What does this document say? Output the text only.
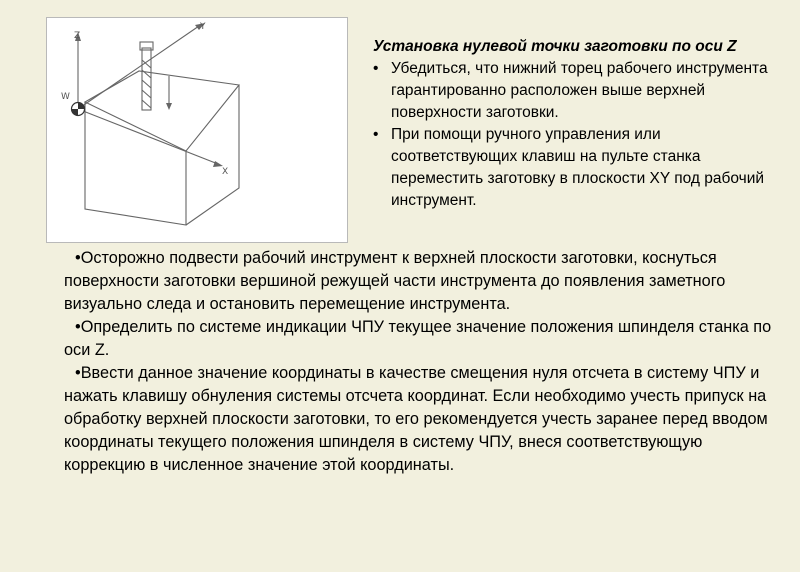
Z
Y
X
W

Установка нулевой точки заготовки по оси Z

• Убедиться, что нижний торец рабочего инструмента гарантированно расположен выше верхней поверхности заготовки.
• При помощи ручного управления или соответствующих клавиш на пульте станка переместить заготовку в плоскости XY под рабочий инструмент.

•Осторожно подвести рабочий инструмент к верхней плоскости заготовки, коснуться поверхности заготовки вершиной режущей части инструмента до появления заметного визуально следа и остановить перемещение инструмента.

•Определить по системе индикации ЧПУ текущее значение положения шпинделя станка по оси Z.

•Ввести данное значение координаты в качестве смещения нуля отсчета в систему ЧПУ и нажать клавишу обнуления системы отсчета координат. Если необходимо учесть припуск на обработку верхней плоскости заготовки, то его рекомендуется учесть заранее перед вводом координаты текущего положения шпинделя в систему ЧПУ, внеся соответствующую коррекцию в численное значение этой координаты.
